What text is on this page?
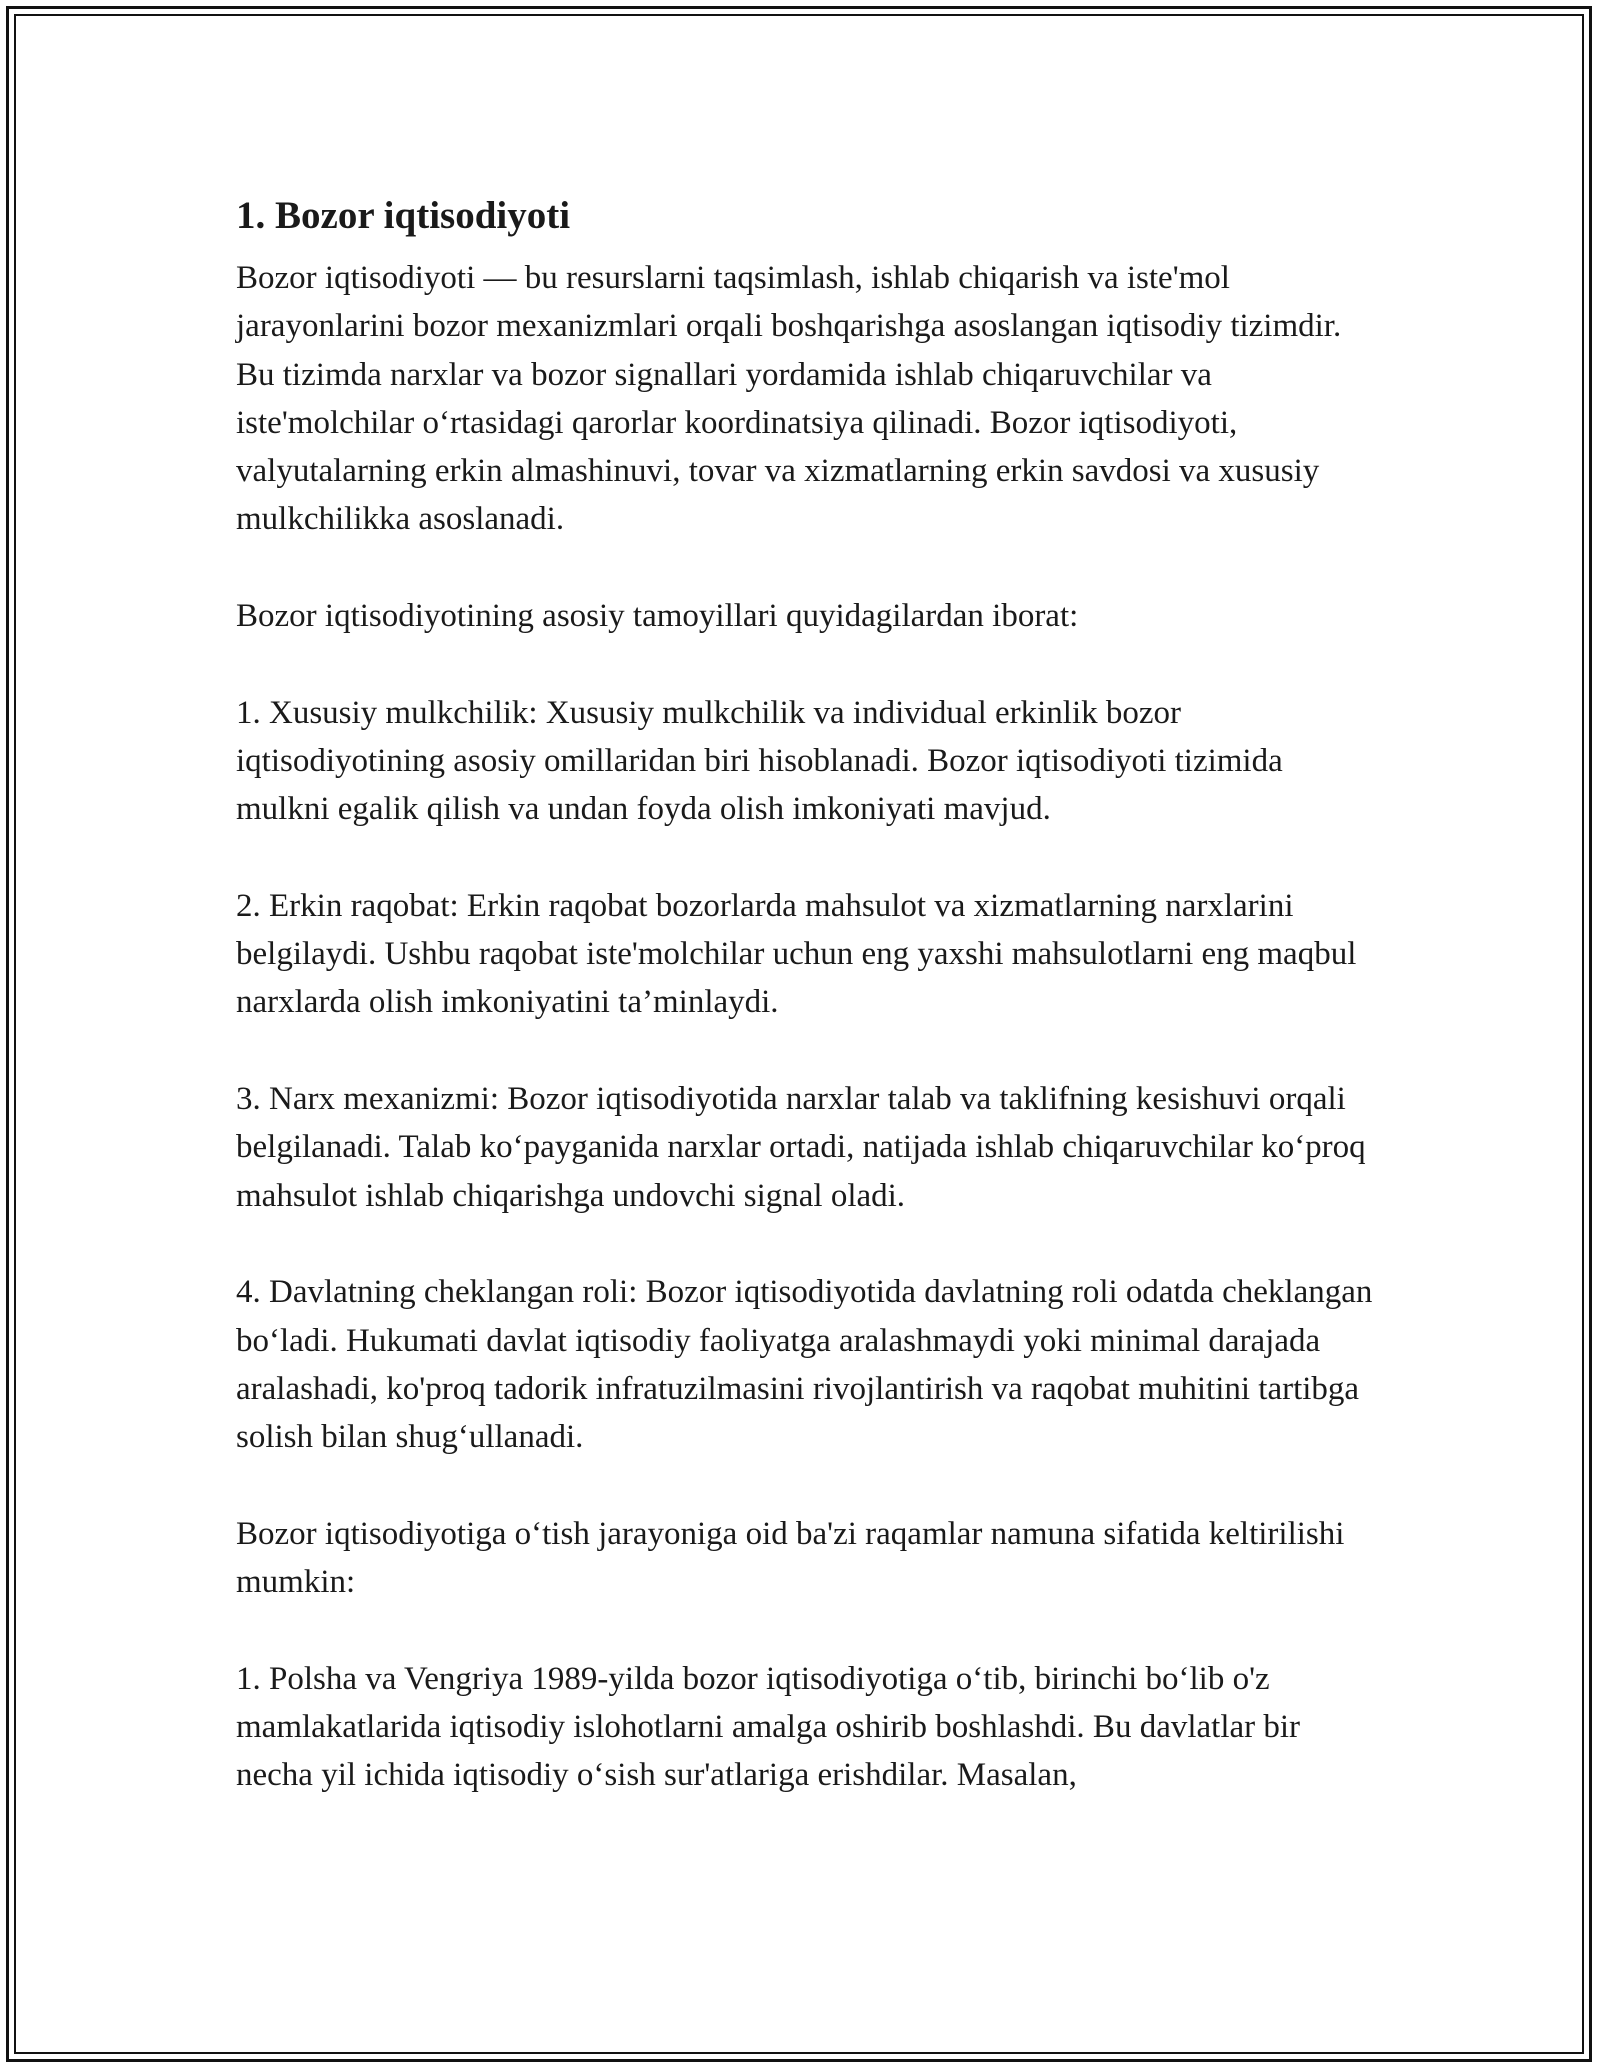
1. Bozor iqtisodiyoti

Bozor iqtisodiyoti — bu resurslarni taqsimlash, ishlab chiqarish va iste'mol jarayonlarini bozor mexanizmlari orqali boshqarishga asoslangan iqtisodiy tizimdir. Bu tizimda narxlar va bozor signallari yordamida ishlab chiqaruvchilar va iste'molchilar o‘rtasidagi qarorlar koordinatsiya qilinadi. Bozor iqtisodiyoti, valyutalarning erkin almashinuvi, tovar va xizmatlarning erkin savdosi va xususiy mulkchilikka asoslanadi.

Bozor iqtisodiyotining asosiy tamoyillari quyidagilardan iborat:

1. Xususiy mulkchilik: Xususiy mulkchilik va individual erkinlik bozor iqtisodiyotining asosiy omillaridan biri hisoblanadi. Bozor iqtisodiyoti tizimida mulkni egalik qilish va undan foyda olish imkoniyati mavjud.

2. Erkin raqobat: Erkin raqobat bozorlarda mahsulot va xizmatlarning narxlarini belgilaydi. Ushbu raqobat iste'molchilar uchun eng yaxshi mahsulotlarni eng maqbul narxlarda olish imkoniyatini ta’minlaydi.

3. Narx mexanizmi: Bozor iqtisodiyotida narxlar talab va taklifning kesishuvi orqali belgilanadi. Talab ko‘payganida narxlar ortadi, natijada ishlab chiqaruvchilar ko‘proq mahsulot ishlab chiqarishga undovchi signal oladi.

4. Davlatning cheklangan roli: Bozor iqtisodiyotida davlatning roli odatda cheklangan bo‘ladi. Hukumati davlat iqtisodiy faoliyatga aralashmaydi yoki minimal darajada aralashadi, ko'proq tadorik infratuzilmasini rivojlantirish va raqobat muhitini tartibga solish bilan shug‘ullanadi.

Bozor iqtisodiyotiga o‘tish jarayoniga oid ba'zi raqamlar namuna sifatida keltirilishi mumkin:

1. Polsha va Vengriya 1989-yilda bozor iqtisodiyotiga o‘tib, birinchi bo‘lib o'z mamlakatlarida iqtisodiy islohotlarni amalga oshirib boshlashdi. Bu davlatlar bir necha yil ichida iqtisodiy o‘sish sur'atlariga erishdilar. Masalan,
